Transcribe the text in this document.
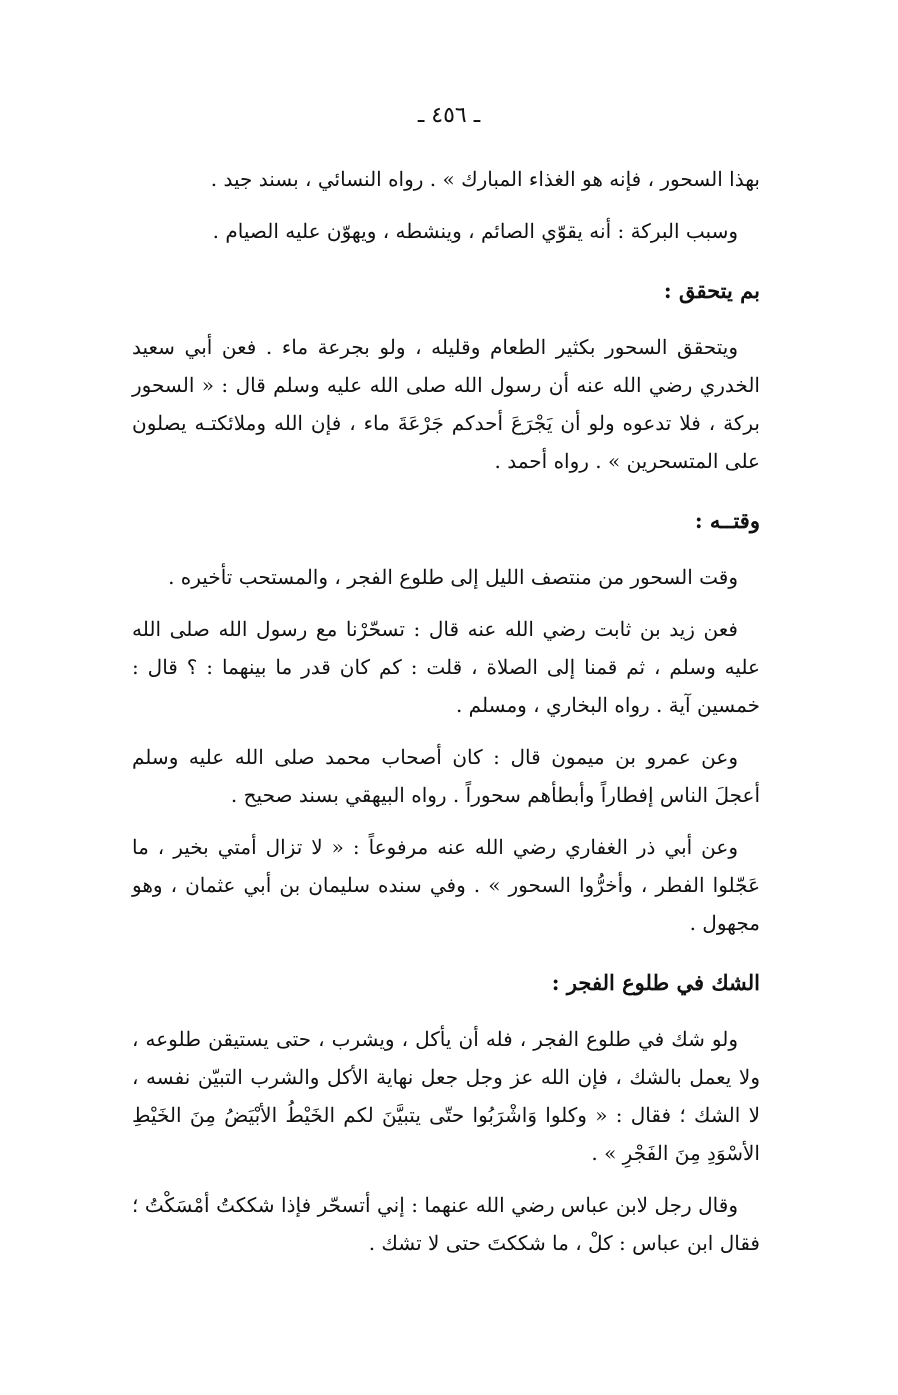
ـ ٤٥٦ ـ

بهذا السحور ، فإنه هو الغذاء المبارك » . رواه النسائي ، بسند جيد .

وسبب البركة : أنه يقوّي الصائم ، وينشطه ، ويهوّن عليه الصيام .

بم يتحقق :

ويتحقق السحور بكثير الطعام وقليله ، ولو بجرعة ماء . فعن أبي سعيد الخدري رضي الله عنه أن رسول الله صلى الله عليه وسلم قال : « السحور بركة ، فلا تدعوه ولو أن يَجْرَعَ أحدكم جَرْعَةَ ماء ، فإن الله وملائكتـه يصلون على المتسحرين » . رواه أحمد .

وقتــه :

وقت السحور من منتصف الليل إلى طلوع الفجر ، والمستحب تأخيره .

فعن زيد بن ثابت رضي الله عنه قال : تسحّرْنا مع رسول الله صلى الله عليه وسلم ، ثم قمنا إلى الصلاة ، قلت : كم كان قدر ما بينهما : ؟ قال : خمسين آية . رواه البخاري ، ومسلم .

وعن عمرو بن ميمون قال : كان أصحاب محمد صلى الله عليه وسلم أعجلَ الناس إفطاراً وأبطأهم سحوراً . رواه البيهقي بسند صحيح .

وعن أبي ذر الغفاري رضي الله عنه مرفوعاً : « لا تزال أمتي بخير ، ما عَجّلوا الفطر ، وأخرُّوا السحور » . وفي سنده سليمان بن أبي عثمان ، وهو مجهول .

الشك في طلوع الفجر :

ولو شك في طلوع الفجر ، فله أن يأكل ، ويشرب ، حتى يستيقن طلوعه ، ولا يعمل بالشك ، فإن الله عز وجل جعل نهاية الأكل والشرب التبيّن نفسه ، لا الشك ؛ فقال : « وكلوا وَاشْرَبُوا حتّى يتبيَّنَ لكم الخَيْطُ الأبْيَضُ مِنَ الخَيْطِ الأسْوَدِ مِنَ الفَجْرِ » .

وقال رجل لابن عباس رضي الله عنهما : إني أتسحّر فإذا شككتُ أمْسَكْتُ ؛ فقال ابن عباس : كلْ ، ما شككتَ حتى لا تشك .
